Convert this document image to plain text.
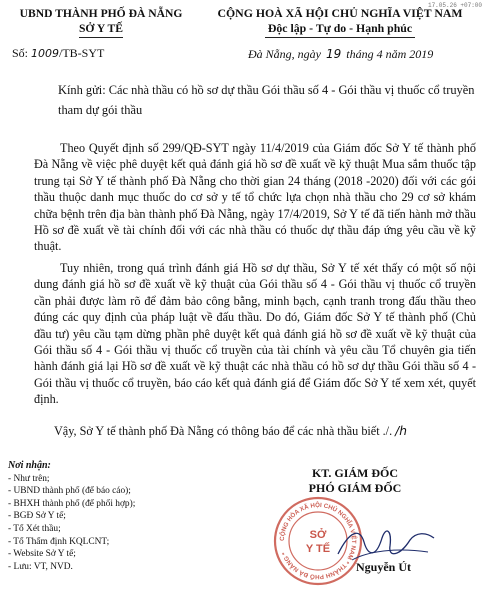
17.05.26 +07:00
UBND THÀNH PHỐ ĐÀ NẴNG
SỞ Y TẾ
CỘNG HOÀ XÃ HỘI CHỦ NGHĨA VIỆT NAM
Độc lập - Tự do - Hạnh phúc
Số: 1009/TB-SYT	Đà Nẵng, ngày 19 tháng 4 năm 2019
Kính gửi: Các nhà thầu có hồ sơ dự thầu Gói thầu số 4 - Gói thầu vị thuốc cổ truyền tham dự gói thầu
Theo Quyết định số 299/QĐ-SYT ngày 11/4/2019 của Giám đốc Sở Y tế thành phố Đà Nẵng về việc phê duyệt kết quả đánh giá hồ sơ đề xuất về kỹ thuật Mua sắm thuốc tập trung tại Sở Y tế thành phố Đà Nẵng cho thời gian 24 tháng (2018 -2020) đối với các gói thầu thuộc danh mục thuốc do cơ sở y tế tổ chức lựa chọn nhà thầu cho 29 cơ sở khám chữa bệnh trên địa bàn thành phố Đà Nẵng, ngày 17/4/2019, Sở Y tế đã tiến hành mở thầu Hồ sơ đề xuất về tài chính đối với các nhà thầu có thuốc dự thầu đáp ứng yêu cầu về kỹ thuật.
Tuy nhiên, trong quá trình đánh giá Hồ sơ dự thầu, Sở Y tế xét thấy có một số nội dung đánh giá hồ sơ đề xuất về kỹ thuật của Gói thầu số 4 - Gói thầu vị thuốc cổ truyền cần phải được làm rõ để đảm bảo công bằng, minh bạch, cạnh tranh trong đấu thầu theo đúng các quy định của pháp luật về đấu thầu. Do đó, Giám đốc Sở Y tế thành phố (Chủ đầu tư) yêu cầu tạm dừng phần phê duyệt kết quả đánh giá hồ sơ đề xuất về kỹ thuật của Gói thầu số 4 - Gói thầu vị thuốc cổ truyền của tài chính và yêu cầu Tổ chuyên gia tiến hành đánh giá lại Hồ sơ đề xuất về kỹ thuật các nhà thầu có hồ sơ dự thầu Gói thầu số 4 - Gói thầu vị thuốc cổ truyền, báo cáo kết quả đánh giá để Giám đốc Sở Y tế xem xét, quyết định.
Vậy, Sở Y tế thành phố Đà Nẵng có thông báo để các nhà thầu biết ./. /h
Nơi nhận:
- Như trên;
- UBND thành phố (để báo cáo);
- BHXH thành phố (để phối hợp);
- BGĐ Sở Y tế;
- Tổ Xét thầu;
- Tổ Thẩm định KQLCNT;
- Website Sở Y tế;
- Lưu: VT, NVD.
KT. GIÁM ĐỐC
PHÓ GIÁM ĐỐC
CỘNG HÒA XÃ HỘI CHỦ NGHĨA VIỆT NAM * THÀNH PHỐ ĐÀ NẴNG *
SỞ
Y TẾ
Nguyễn Út
